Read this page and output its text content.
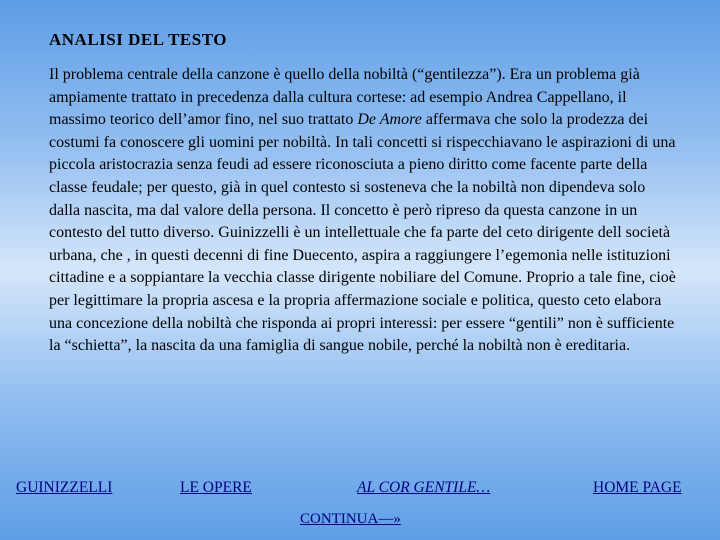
ANALISI DEL TESTO
Il problema centrale della canzone è quello della nobiltà (“gentilezza”). Era un problema già ampiamente trattato in precedenza dalla cultura cortese: ad esempio Andrea Cappellano, il massimo teorico dell’amor fino, nel suo trattato De Amore affermava che solo la prodezza dei costumi fa conoscere gli uomini per nobiltà. In tali concetti si rispecchiavano le aspirazioni di una piccola aristocrazia senza feudi ad essere riconosciuta a pieno diritto come facente parte della classe feudale; per questo, già in quel contesto si sosteneva che la nobiltà non dipendeva solo dalla nascita, ma dal valore della persona. Il concetto è però ripreso da questa canzone in un contesto del tutto diverso. Guinizzelli è un intellettuale che fa parte del ceto dirigente dell società urbana, che , in questi decenni di fine Duecento, aspira a raggiungere l’egemonia nelle istituzioni cittadine e a soppiantare la vecchia classe dirigente nobiliare del Comune. Proprio a tale fine, cioè per legittimare la propria ascesa e la propria affermazione sociale e politica, questo ceto elabora una concezione della nobiltà che risponda ai propri interessi: per essere “gentili” non è sufficiente la “schietta”, la nascita da una famiglia di sangue nobile, perché la nobiltà non è ereditaria.
GUINIZZELLI	LE OPERE	AL COR GENTILE…	HOME PAGE
CONTINUA—»
